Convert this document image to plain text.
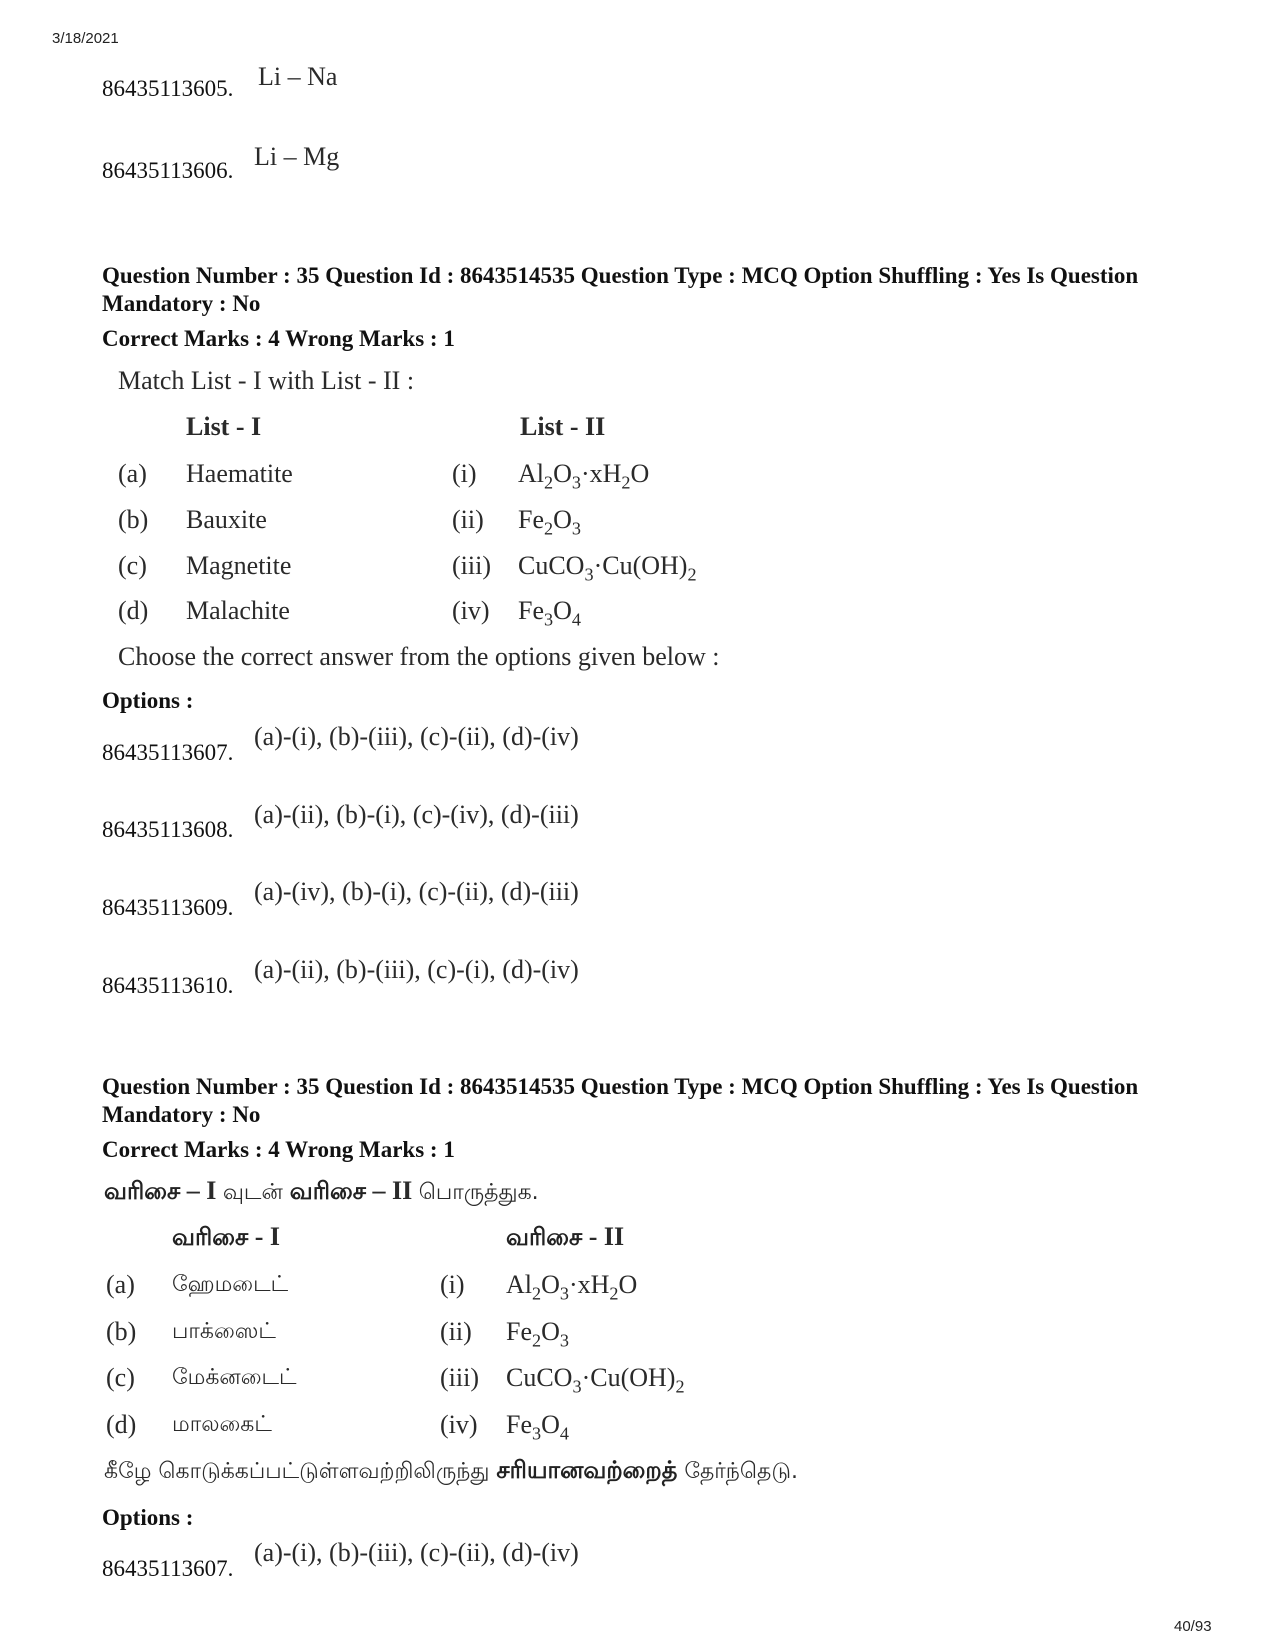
3/18/2021
40/93
86435113605. Li – Na
86435113606. Li – Mg
Question Number : 35 Question Id : 8643514535 Question Type : MCQ Option Shuffling : Yes Is Question Mandatory : No
Correct Marks : 4 Wrong Marks : 1
Match List - I with List - II :
List - I	List - II
(a) Haematite	(i) $Al_2O_3\cdot xH_2O$
(b) Bauxite	(ii) $Fe_2O_3$
(c) Magnetite	(iii) $CuCO_3\cdot Cu(OH)_2$
(d) Malachite	(iv) $Fe_3O_4$
Choose the correct answer from the options given below :
Options :
86435113607.
(a)-(i), (b)-(iii), (c)-(ii), (d)-(iv)
86435113608.
(a)-(ii), (b)-(i), (c)-(iv), (d)-(iii)
86435113609.
(a)-(iv), (b)-(i), (c)-(ii), (d)-(iii)
86435113610.
(a)-(ii), (b)-(iii), (c)-(i), (d)-(iv)
Question Number : 35 Question Id : 8643514535 Question Type : MCQ Option Shuffling : Yes Is Question Mandatory : No
Correct Marks : 4 Wrong Marks : 1
வரிசை – I வுடன் வரிசை – II பொருத்துக.
வரிசை - I	வரிசை - II
(a) ஹேமடைட்	(i) $Al_2O_3\cdot xH_2O$
(b) பாக்ஸைட்	(ii) $Fe_2O_3$
(c) மேக்னடைட்	(iii) $CuCO_3\cdot Cu(OH)_2$
(d) மாலகைட்	(iv) $Fe_3O_4$
கீழே கொடுக்கப்பட்டுள்ளவற்றிலிருந்து சரியானவற்றைத் தேர்ந்தெடு.
Options :
86435113607.
(a)-(i), (b)-(iii), (c)-(ii), (d)-(iv)
